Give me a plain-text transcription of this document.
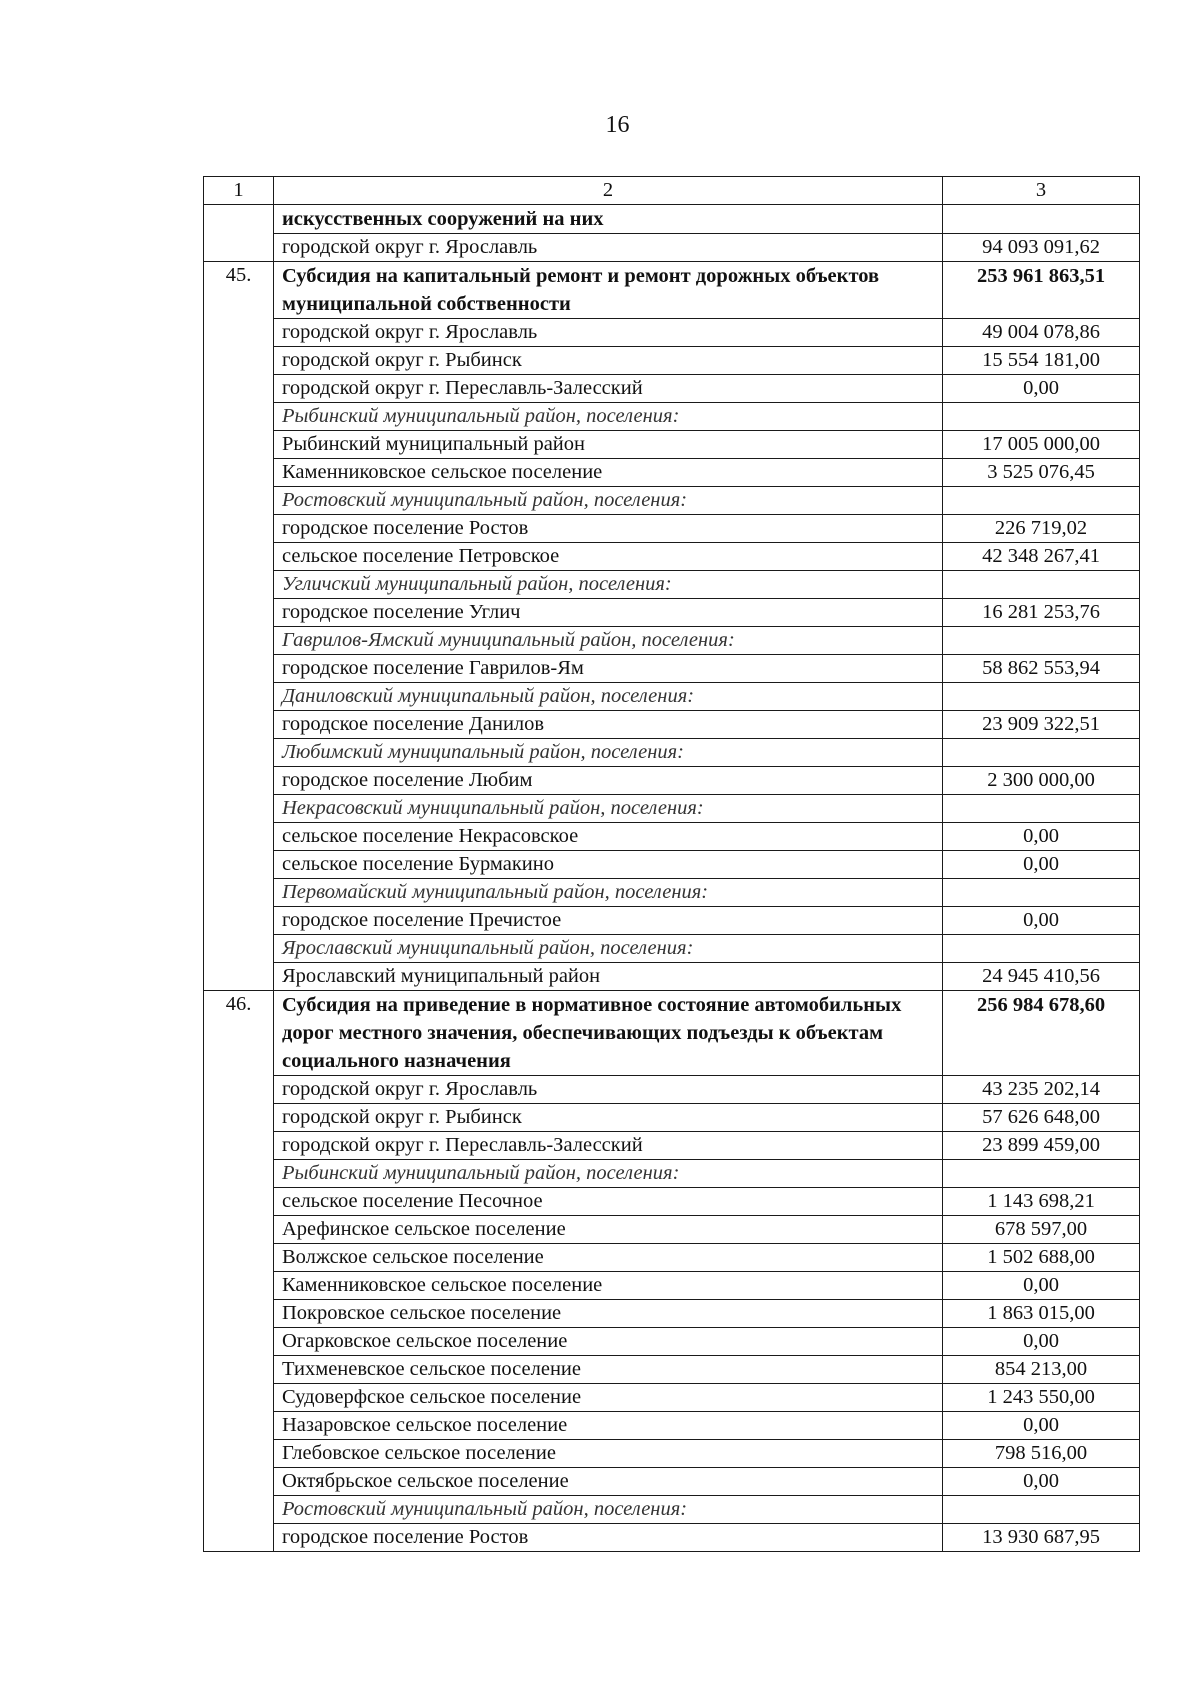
16
1	2	3
	искусственных сооружений на них	
	городской округ г. Ярославль	94 093 091,62
45.	Субсидия на капитальный ремонт и ремонт дорожных объектов муниципальной собственности	253 961 863,51
	городской округ г. Ярославль	49 004 078,86
	городской округ г. Рыбинск	15 554 181,00
	городской округ г. Переславль-Залесский	0,00
	Рыбинский муниципальный район, поселения:	
	Рыбинский муниципальный район	17 005 000,00
	Каменниковское сельское поселение	3 525 076,45
	Ростовский муниципальный район, поселения:	
	городское поселение Ростов	226 719,02
	сельское поселение Петровское	42 348 267,41
	Угличский муниципальный район, поселения:	
	городское поселение Углич	16 281 253,76
	Гаврилов-Ямский муниципальный район, поселения:	
	городское поселение Гаврилов-Ям	58 862 553,94
	Даниловский муниципальный район, поселения:	
	городское поселение Данилов	23 909 322,51
	Любимский муниципальный район, поселения:	
	городское поселение Любим	2 300 000,00
	Некрасовский муниципальный район, поселения:	
	сельское поселение Некрасовское	0,00
	сельское поселение Бурмакино	0,00
	Первомайский муниципальный район, поселения:	
	городское поселение Пречистое	0,00
	Ярославский муниципальный район, поселения:	
	Ярославский муниципальный район	24 945 410,56
46.	Субсидия на приведение в нормативное состояние автомобильных дорог местного значения, обеспечивающих подъезды к объектам социального назначения	256 984 678,60
	городской округ г. Ярославль	43 235 202,14
	городской округ г. Рыбинск	57 626 648,00
	городской округ г. Переславль-Залесский	23 899 459,00
	Рыбинский муниципальный район, поселения:	
	сельское поселение Песочное	1 143 698,21
	Арефинское сельское поселение	678 597,00
	Волжское сельское поселение	1 502 688,00
	Каменниковское сельское поселение	0,00
	Покровское сельское поселение	1 863 015,00
	Огарковское сельское поселение	0,00
	Тихменевское сельское поселение	854 213,00
	Судоверфское сельское поселение	1 243 550,00
	Назаровское сельское поселение	0,00
	Глебовское сельское поселение	798 516,00
	Октябрьское сельское поселение	0,00
	Ростовский муниципальный район, поселения:	
	городское поселение Ростов	13 930 687,95
